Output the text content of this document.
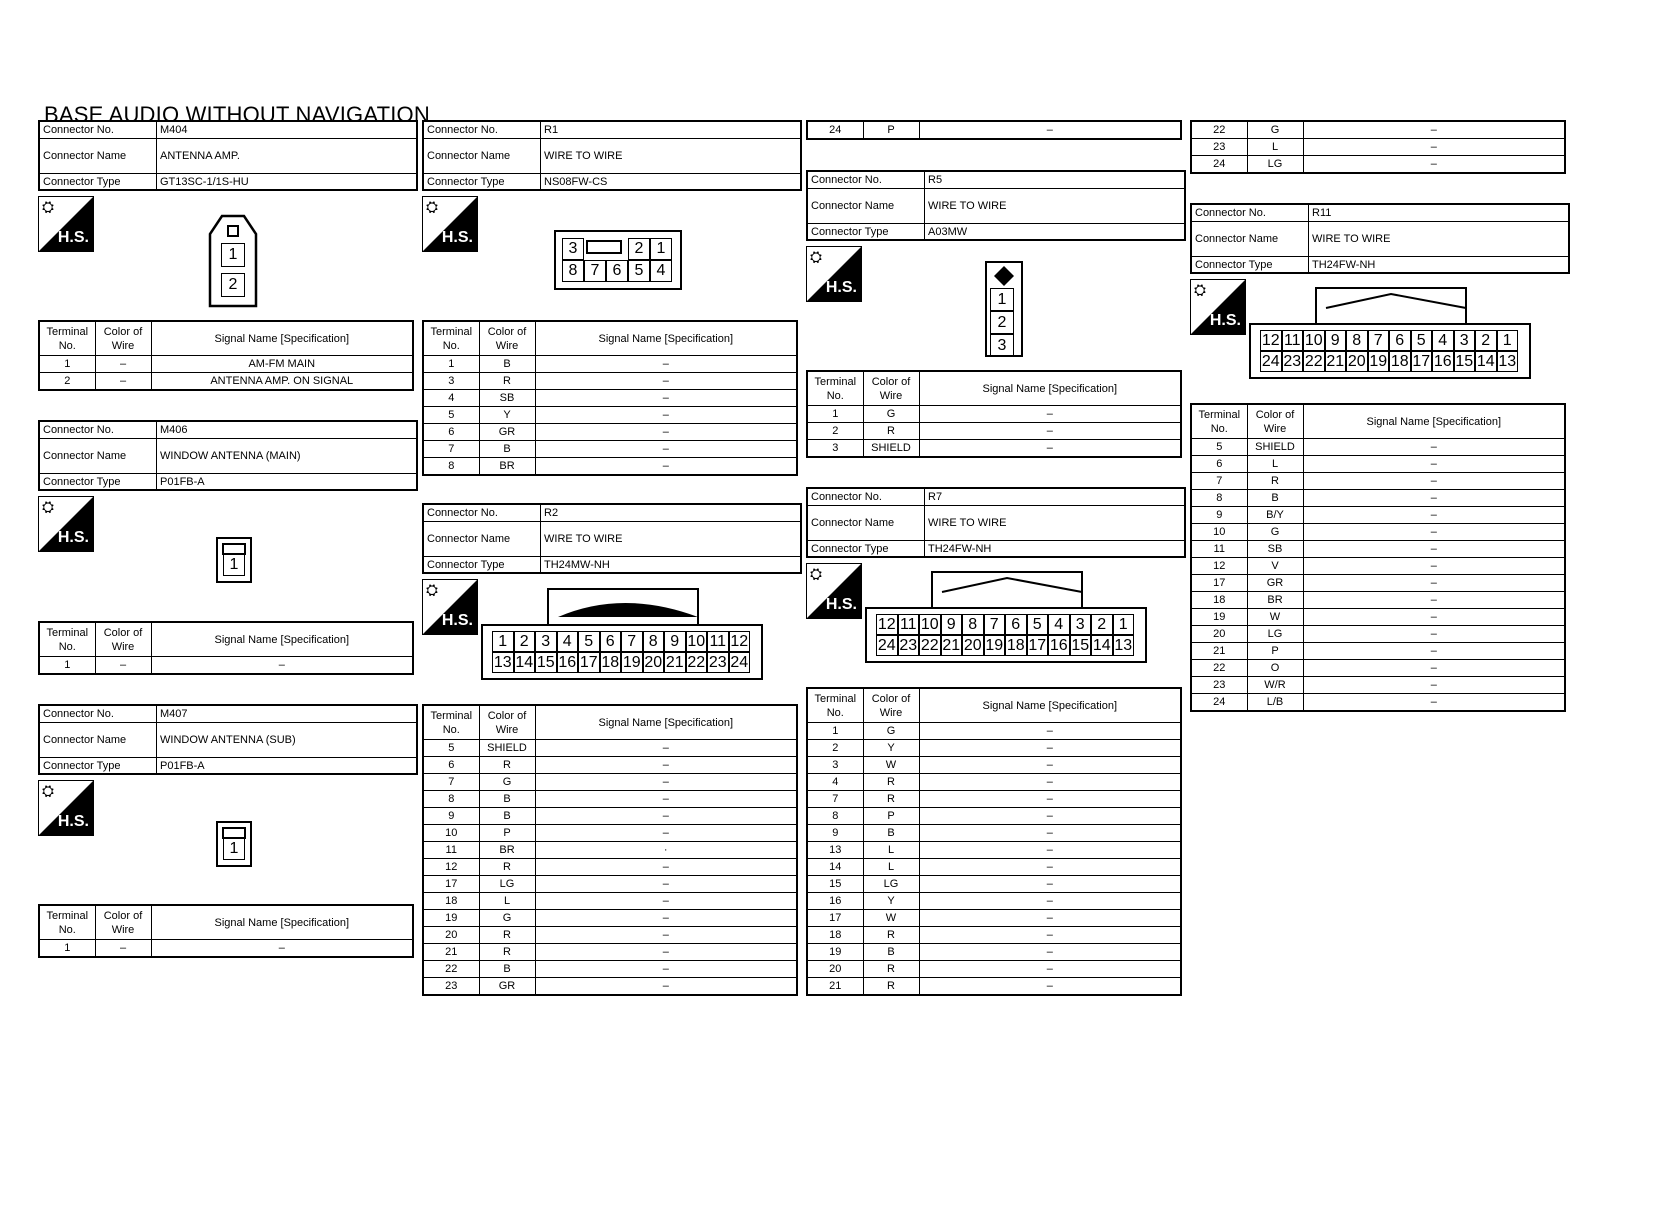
BASE AUDIO WITHOUT NAVIGATION
Connector No.	M404
Connector Name	ANTENNA AMP.
Connector Type	GT13SC-1/1S-HU
⛭
H.S.
1
2
Terminal No.	Color of Wire	Signal Name [Specification]
1	–	AM-FM MAIN
2	–	ANTENNA AMP. ON SIGNAL
Connector No.	M406
Connector Name	WINDOW ANTENNA (MAIN)
Connector Type	P01FB-A
⛭
H.S.
1
Terminal No.	Color of Wire	Signal Name [Specification]
1	–	–
Connector No.	M407
Connector Name	WINDOW ANTENNA (SUB)
Connector Type	P01FB-A
⛭
H.S.
1
Terminal No.	Color of Wire	Signal Name [Specification]
1	–	–
Connector No.	R1
Connector Name	WIRE TO WIRE
Connector Type	NS08FW-CS
⛭
H.S.
3	2 1
8 7 6 5 4
Terminal No.	Color of Wire	Signal Name [Specification]
1	B	–
3	R	–
4	SB	–
5	Y	–
6	GR	–
7	B	–
8	BR	–
Connector No.	R2
Connector Name	WIRE TO WIRE
Connector Type	TH24MW-NH
⛭
H.S.
1
13
2
14
3
15
4
16
5
17
6
18
7
19
8
20
9
21
10
22
11
23
12
24
Terminal No.	Color of Wire	Signal Name [Specification]
5	SHIELD	–
6	R	–
7	G	–
8	B	–
9	B	–
10	P	–
11	BR	·
12	R	–
17	LG	–
18	L	–
19	G	–
20	R	–
21	R	–
22	B	–
23	GR	–
24	P	–
Connector No.	R5
Connector Name	WIRE TO WIRE
Connector Type	A03MW
⛭
H.S.
1
2
3
Terminal No.	Color of Wire	Signal Name [Specification]
1	G	–
2	R	–
3	SHIELD	–
Connector No.	R7
Connector Name	WIRE TO WIRE
Connector Type	TH24FW-NH
⛭
H.S.
12
24
11
23
10
22
9
21
8
20
7
19
6
18
5
17
4
16
3
15
2
14
1
13
Terminal No.	Color of Wire	Signal Name [Specification]
1	G	–
2	Y	–
3	W	–
4	R	–
7	R	–
8	P	–
9	B	–
13	L	–
14	L	–
15	LG	–
16	Y	–
17	W	–
18	R	–
19	B	–
20	R	–
21	R	–
22	G	–
23	L	–
24	LG	–
Connector No.	R11
Connector Name	WIRE TO WIRE
Connector Type	TH24FW-NH
⛭
H.S.
12
24
11
23
10
22
9
21
8
20
7
19
6
18
5
17
4
16
3
15
2
14
1
13
Terminal No.	Color of Wire	Signal Name [Specification]
5	SHIELD	–
6	L	–
7	R	–
8	B	–
9	B/Y	–
10	G	–
11	SB	–
12	V	–
17	GR	–
18	BR	–
19	W	–
20	LG	–
21	P	–
22	O	–
23	W/R	–
24	L/B	–
